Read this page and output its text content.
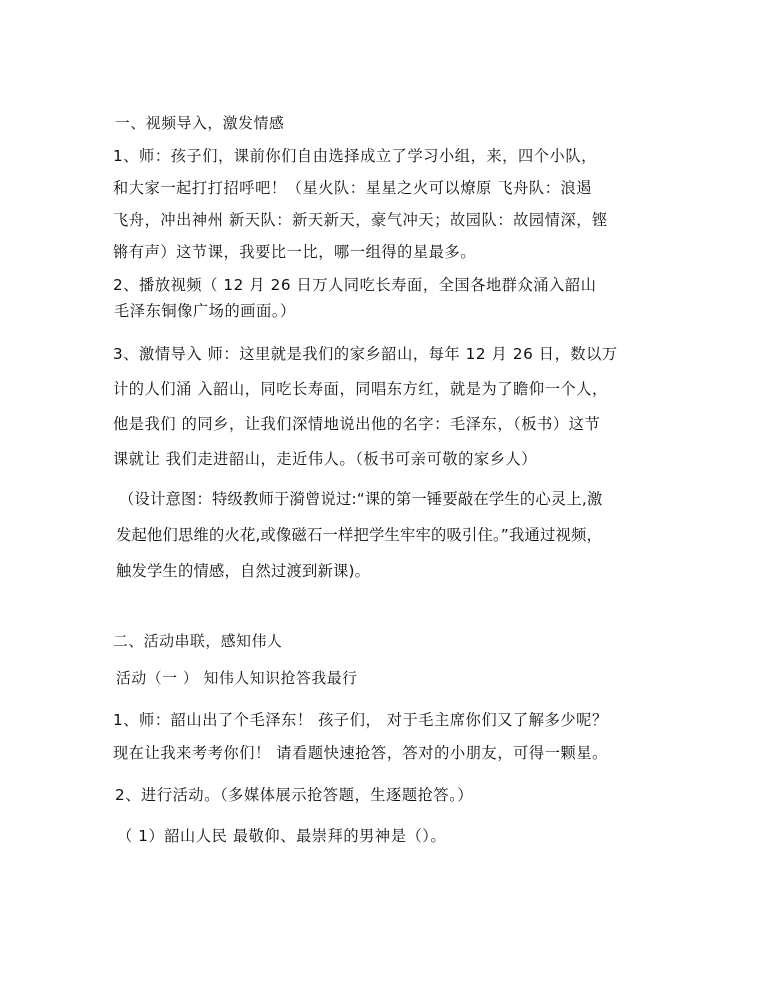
一、视频导入，激发情感
1、师：孩子们，课前你们自由选择成立了学习小组，来，四个小队，
和大家一起打打招呼吧！（星火队：星星之火可以燎原 飞舟队：浪遏
飞舟，冲出神州 新天队：新天新天，豪气冲天；故园队：故园情深，铿
锵有声）这节课，我要比一比，哪一组得的星最多。
2、播放视频（ 12 月 26 日万人同吃长寿面，全国各地群众涌入韶山
毛泽东铜像广场的画面。）
3、激情导入 师：这里就是我们的家乡韶山，每年 12 月 26 日，数以万
计的人们涌 入韶山，同吃长寿面，同唱东方红，就是为了瞻仰一个人，
他是我们 的同乡，让我们深情地说出他的名字：毛泽东，（板书）这节
课就让 我们走进韶山，走近伟人。（板书可亲可敬的家乡人）
（设计意图：特级教师于漪曾说过:“课的第一锤要敲在学生的心灵上,激
发起他们思维的火花,或像磁石一样把学生牢牢的吸引住。”我通过视频，
触发学生的情感，自然过渡到新课)。
二、活动串联，感知伟人
活动（一 ） 知伟人知识抢答我最行
1、师：韶山出了个毛泽东！ 孩子们， 对于毛主席你们又了解多少呢？
现在让我来考考你们！ 请看题快速抢答，答对的小朋友，可得一颗星。
2、进行活动。（多媒体展示抢答题，生逐题抢答。）
（ 1）韶山人民 最敬仰、最崇拜的男神是（）。
